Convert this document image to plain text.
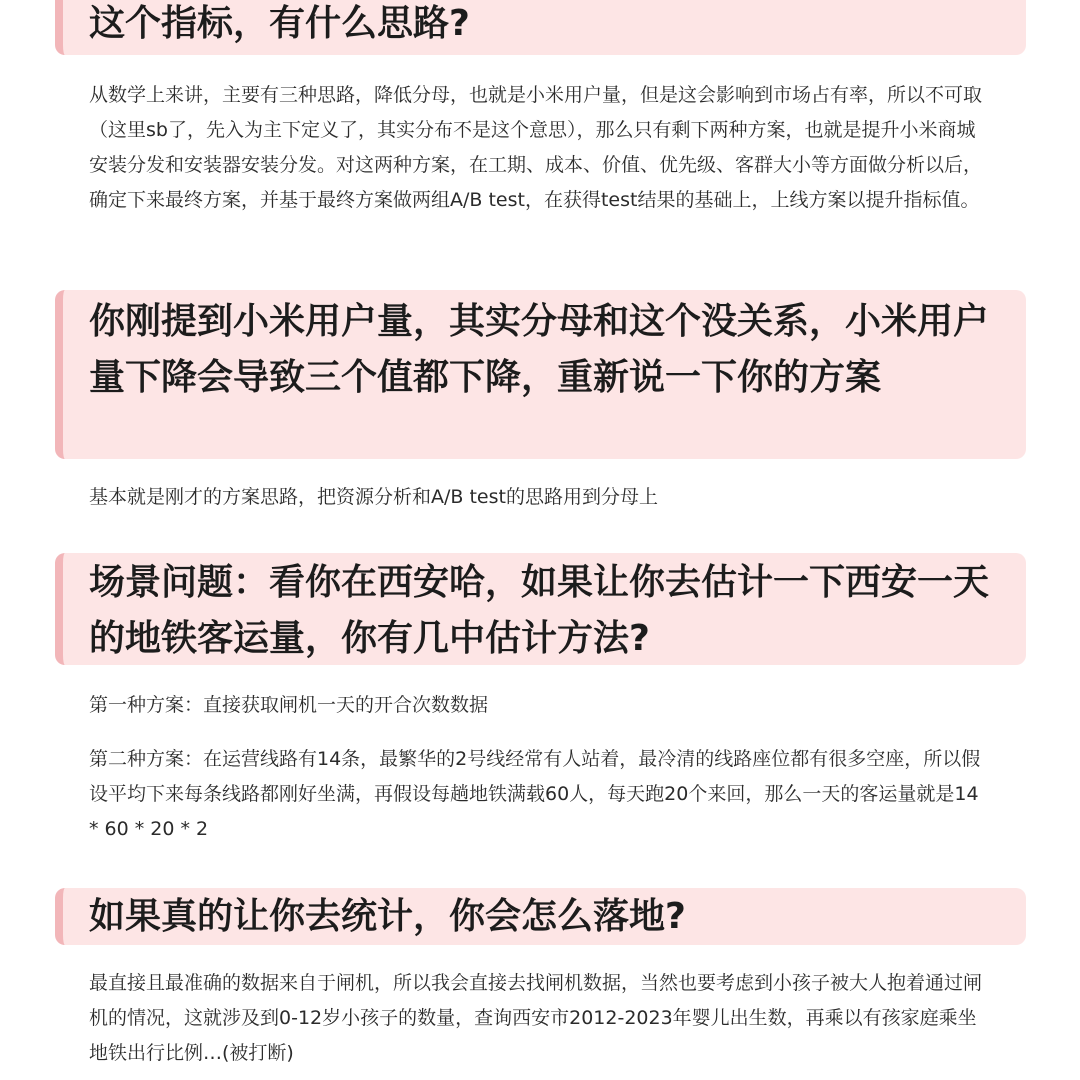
这个指标，有什么思路?

从数学上来讲，主要有三种思路，降低分母，也就是小米用户量，但是这会影响到市场占有率，所以不可取（这里sb了，先入为主下定义了，其实分布不是这个意思），那么只有剩下两种方案，也就是提升小米商城安装分发和安装器安装分发。对这两种方案，在工期、成本、价值、优先级、客群大小等方面做分析以后，确定下来最终方案，并基于最终方案做两组A/B test，在获得test结果的基础上，上线方案以提升指标值。

你刚提到小米用户量，其实分母和这个没关系，小米用户量下降会导致三个值都下降，重新说一下你的方案

基本就是刚才的方案思路，把资源分析和A/B test的思路用到分母上

场景问题：看你在西安哈，如果让你去估计一下西安一天的地铁客运量，你有几中估计方法?

第一种方案：直接获取闸机一天的开合次数数据

第二种方案：在运营线路有14条，最繁华的2号线经常有人站着，最冷清的线路座位都有很多空座，所以假设平均下来每条线路都刚好坐满，再假设每趟地铁满载60人，每天跑20个来回，那么一天的客运量就是14 * 60 * 20 * 2

如果真的让你去统计，你会怎么落地?

最直接且最准确的数据来自于闸机，所以我会直接去找闸机数据，当然也要考虑到小孩子被大人抱着通过闸机的情况，这就涉及到0-12岁小孩子的数量，查询西安市2012-2023年婴儿出生数，再乘以有孩家庭乘坐地铁出行比例…(被打断)
